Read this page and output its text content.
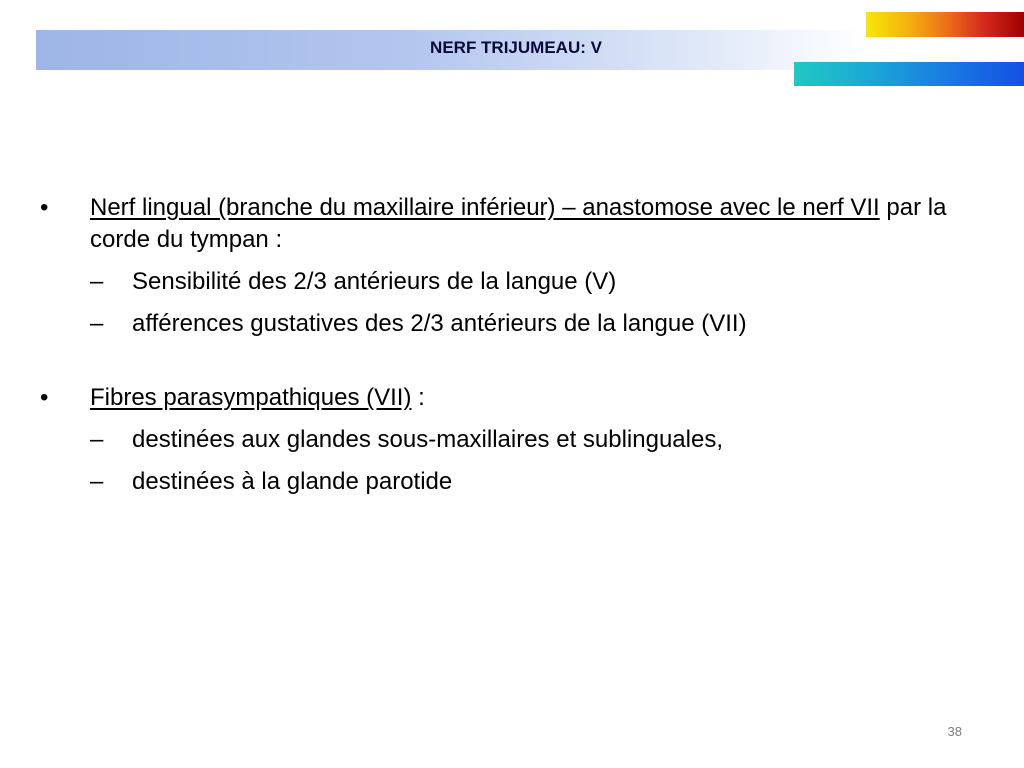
NERF TRIJUMEAU: V

• Nerf lingual (branche du maxillaire inférieur) – anastomose avec le nerf VII par la corde du tympan :

– Sensibilité des 2/3 antérieurs de la langue (V)

– afférences gustatives des 2/3 antérieurs de la langue (VII)

• Fibres parasympathiques (VII) :

– destinées aux glandes sous-maxillaires et sublinguales,

– destinées à la glande parotide

38
